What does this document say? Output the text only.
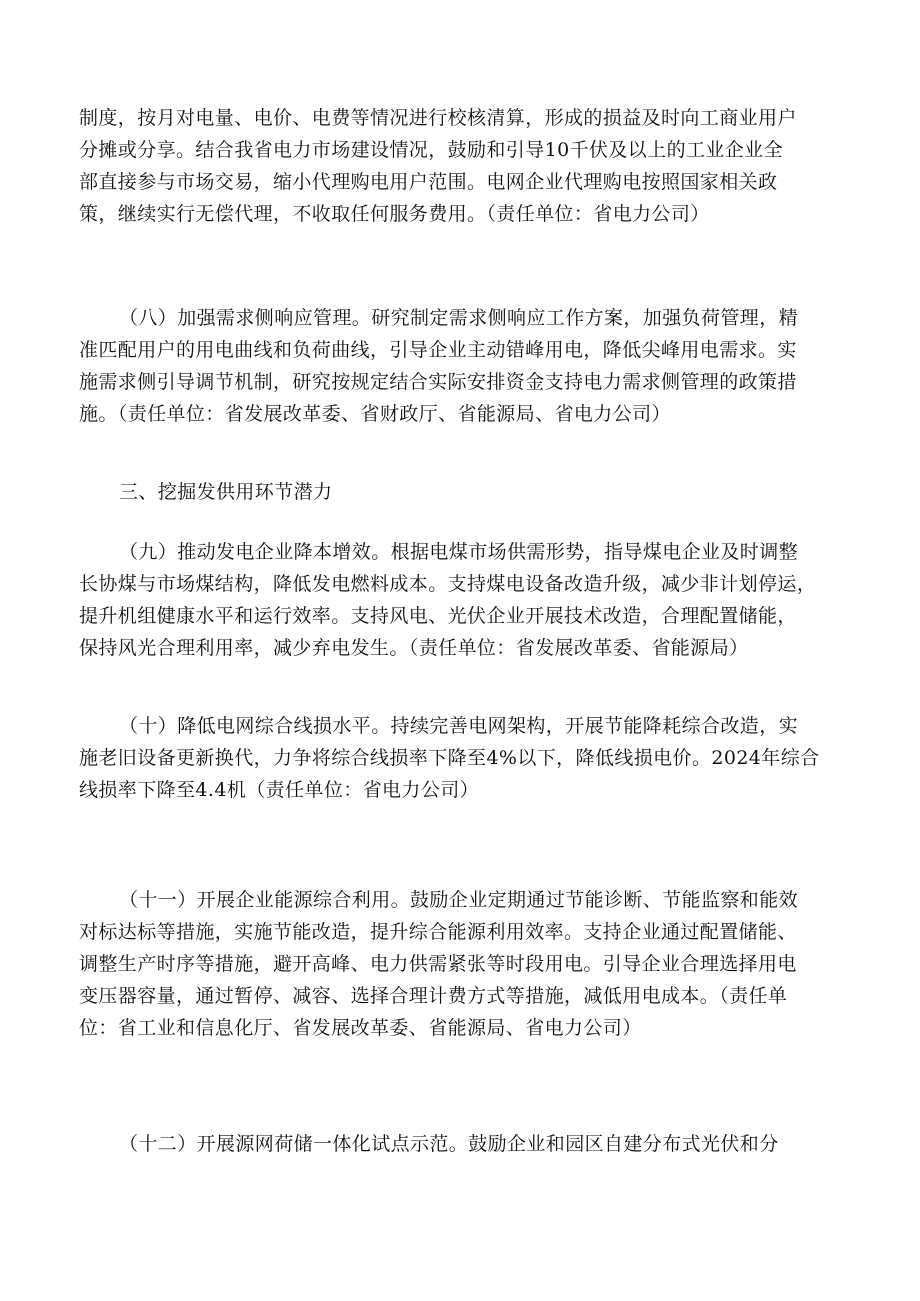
制度，按月对电量、电价、电费等情况进行校核清算，形成的损益及时向工商业用户
分摊或分享。结合我省电力市场建设情况，鼓励和引导10千伏及以上的工业企业全
部直接参与市场交易，缩小代理购电用户范围。电网企业代理购电按照国家相关政
策，继续实行无偿代理，不收取任何服务费用。（责任单位：省电力公司）
（八）加强需求侧响应管理。研究制定需求侧响应工作方案，加强负荷管理，精
准匹配用户的用电曲线和负荷曲线，引导企业主动错峰用电，降低尖峰用电需求。实
施需求侧引导调节机制，研究按规定结合实际安排资金支持电力需求侧管理的政策措
施。（责任单位：省发展改革委、省财政厅、省能源局、省电力公司）
三、挖掘发供用环节潜力
（九）推动发电企业降本增效。根据电煤市场供需形势，指导煤电企业及时调整
长协煤与市场煤结构，降低发电燃料成本。支持煤电设备改造升级，减少非计划停运，
提升机组健康水平和运行效率。支持风电、光伏企业开展技术改造，合理配置储能，
保持风光合理利用率，减少弃电发生。（责任单位：省发展改革委、省能源局）
（十）降低电网综合线损水平。持续完善电网架构，开展节能降耗综合改造，实
施老旧设备更新换代，力争将综合线损率下降至4%以下，降低线损电价。2024年综合
线损率下降至4.4机（责任单位：省电力公司）
（十一）开展企业能源综合利用。鼓励企业定期通过节能诊断、节能监察和能效
对标达标等措施，实施节能改造，提升综合能源利用效率。支持企业通过配置储能、
调整生产时序等措施，避开高峰、电力供需紧张等时段用电。引导企业合理选择用电
变压器容量，通过暂停、减容、选择合理计费方式等措施，减低用电成本。（责任单
位：省工业和信息化厅、省发展改革委、省能源局、省电力公司）
（十二）开展源网荷储一体化试点示范。鼓励企业和园区自建分布式光伏和分
